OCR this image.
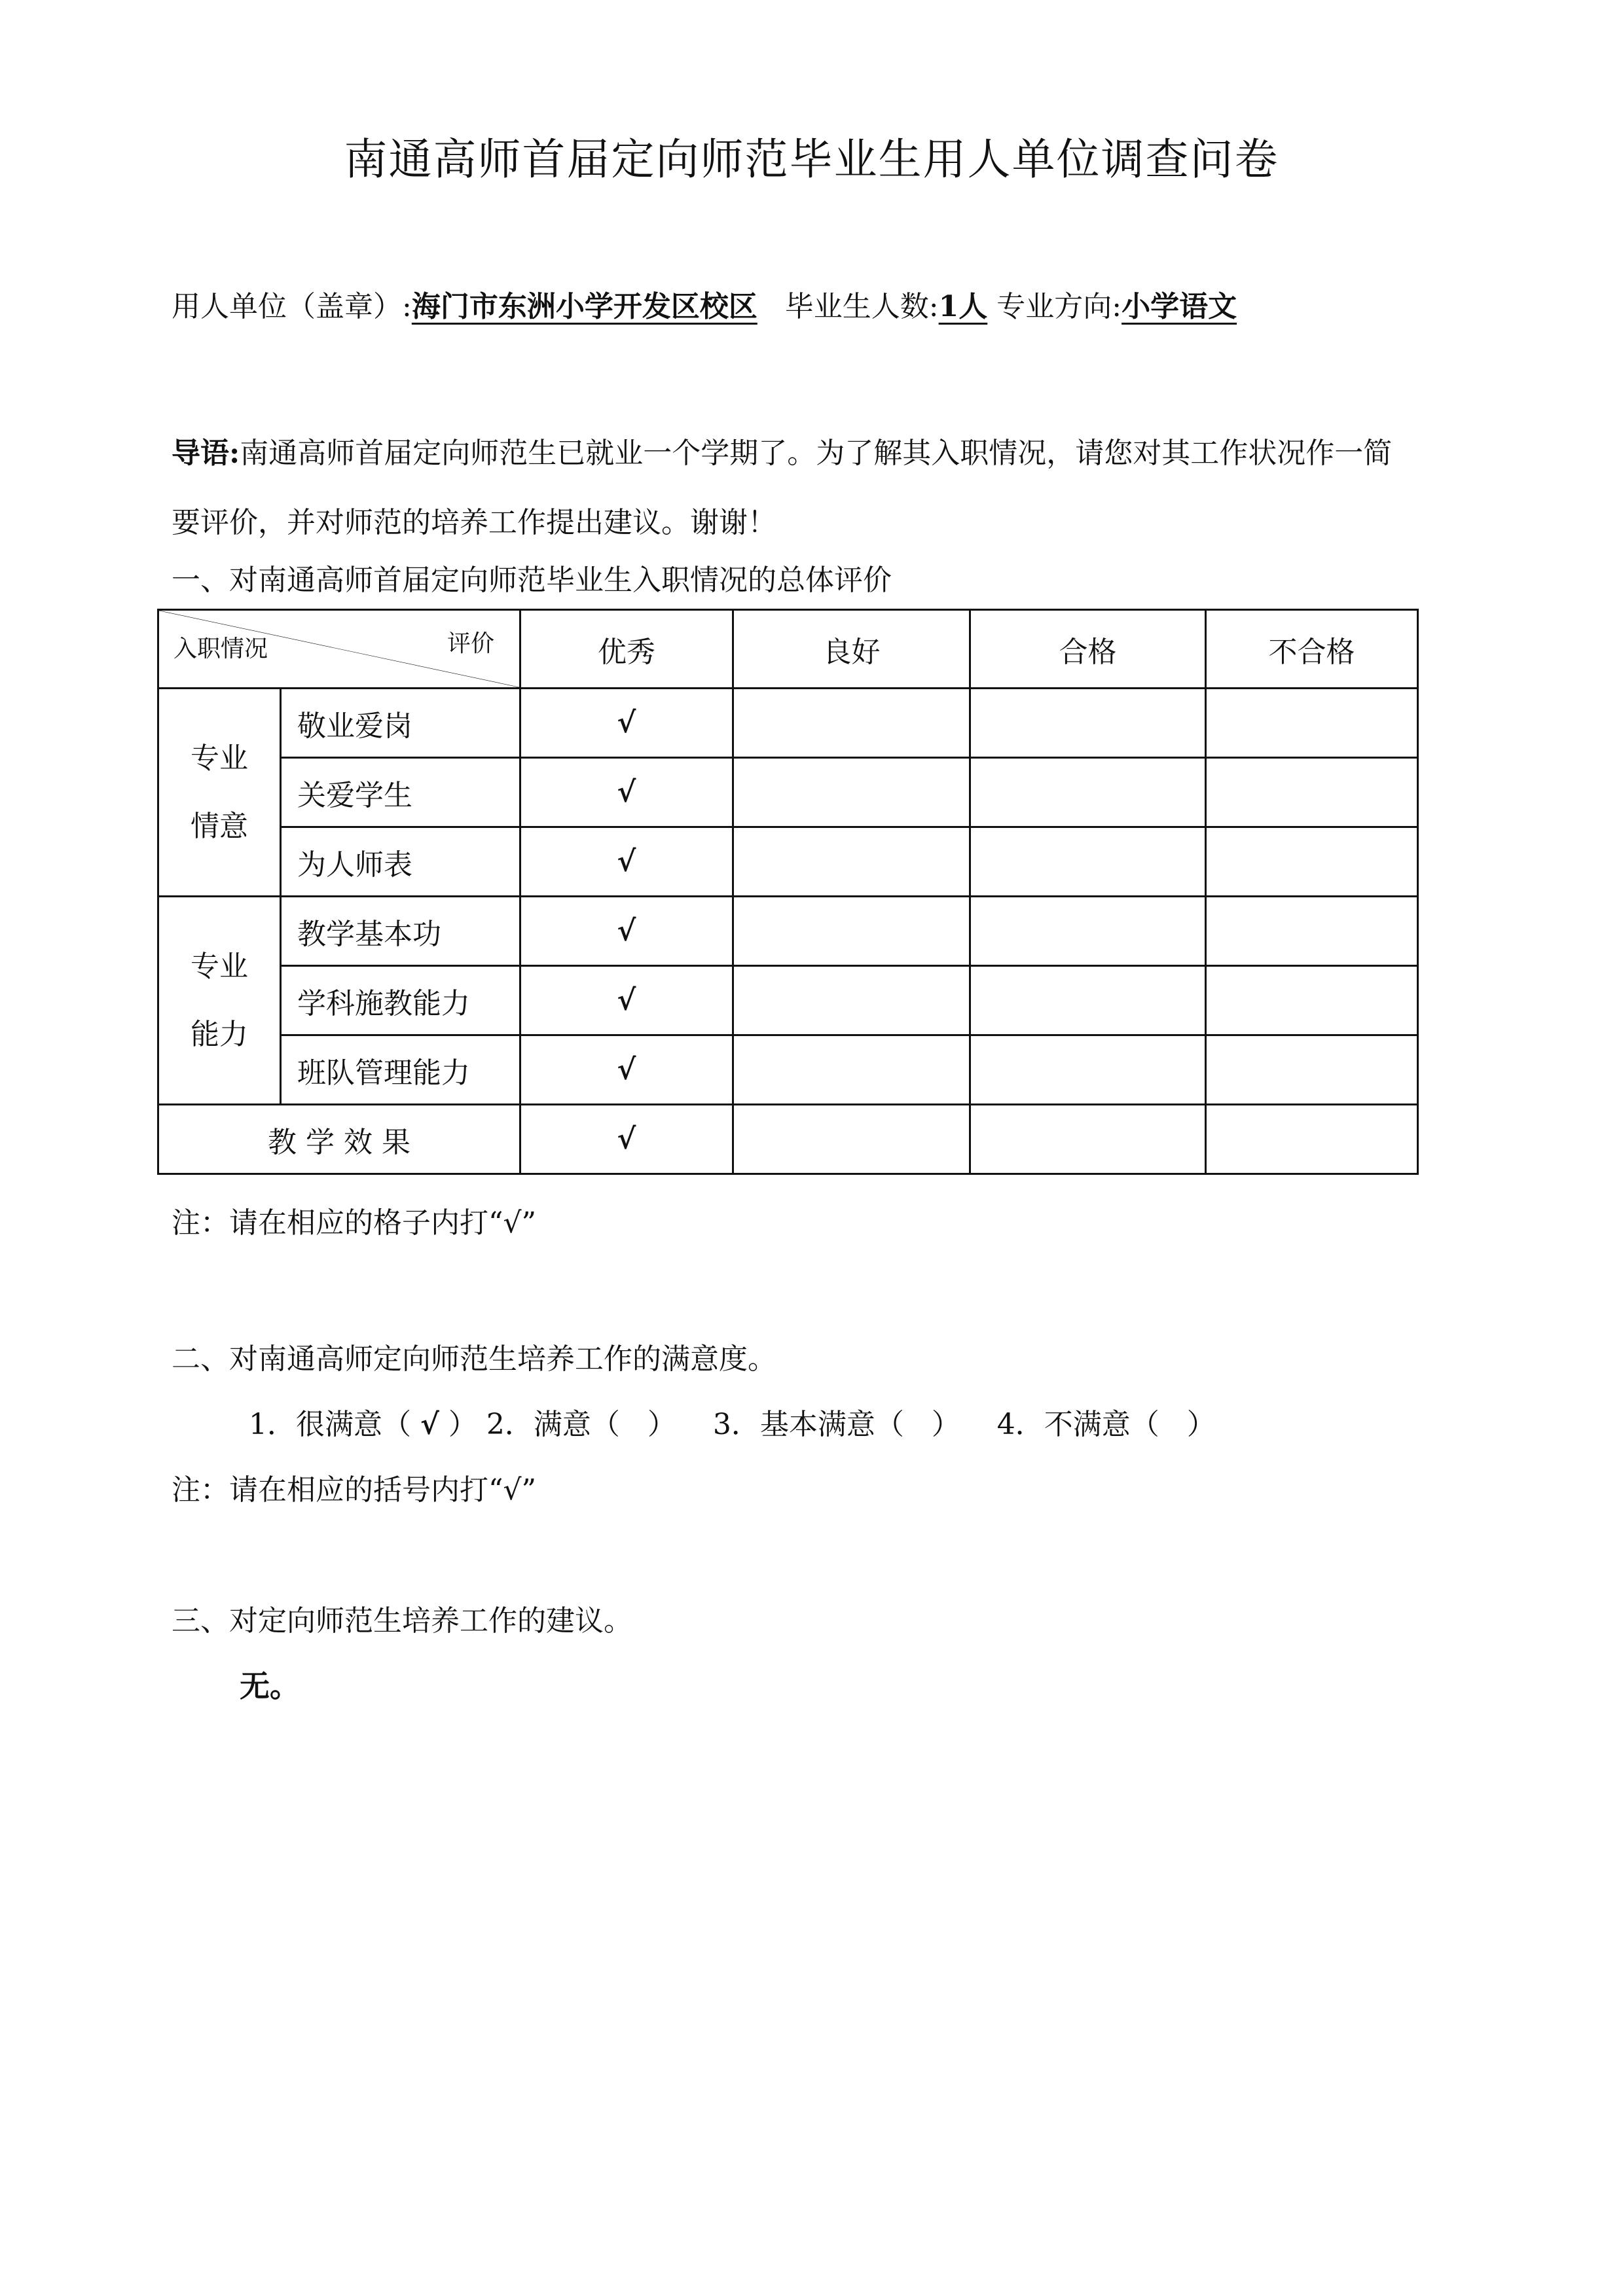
南通高师首届定向师范毕业生用人单位调查问卷
用人单位（盖章）:海门市东洲小学开发区校区 毕业生人数:1人 专业方向:小学语文
导语:南通高师首届定向师范生已就业一个学期了。为了解其入职情况，请您对其工作状况作一简要评价，并对师范的培养工作提出建议。谢谢！
一、对南通高师首届定向师范毕业生入职情况的总体评价
入职情况 评价		优秀	良好	合格	不合格
专业
情意	敬业爱岗	√			
	关爱学生	√			
	为人师表	√			
专业
能力	教学基本功	√			
	学科施教能力	√			
	班队管理能力	√			
教 学 效 果		√			
注：请在相应的格子内打“√”
二、对南通高师定向师范生培养工作的满意度。
1．很满意（ √ ） 2．满意（ ） 3．基本满意（ ） 4．不满意（ ）
注：请在相应的括号内打“√”
三、对定向师范生培养工作的建议。
无。
